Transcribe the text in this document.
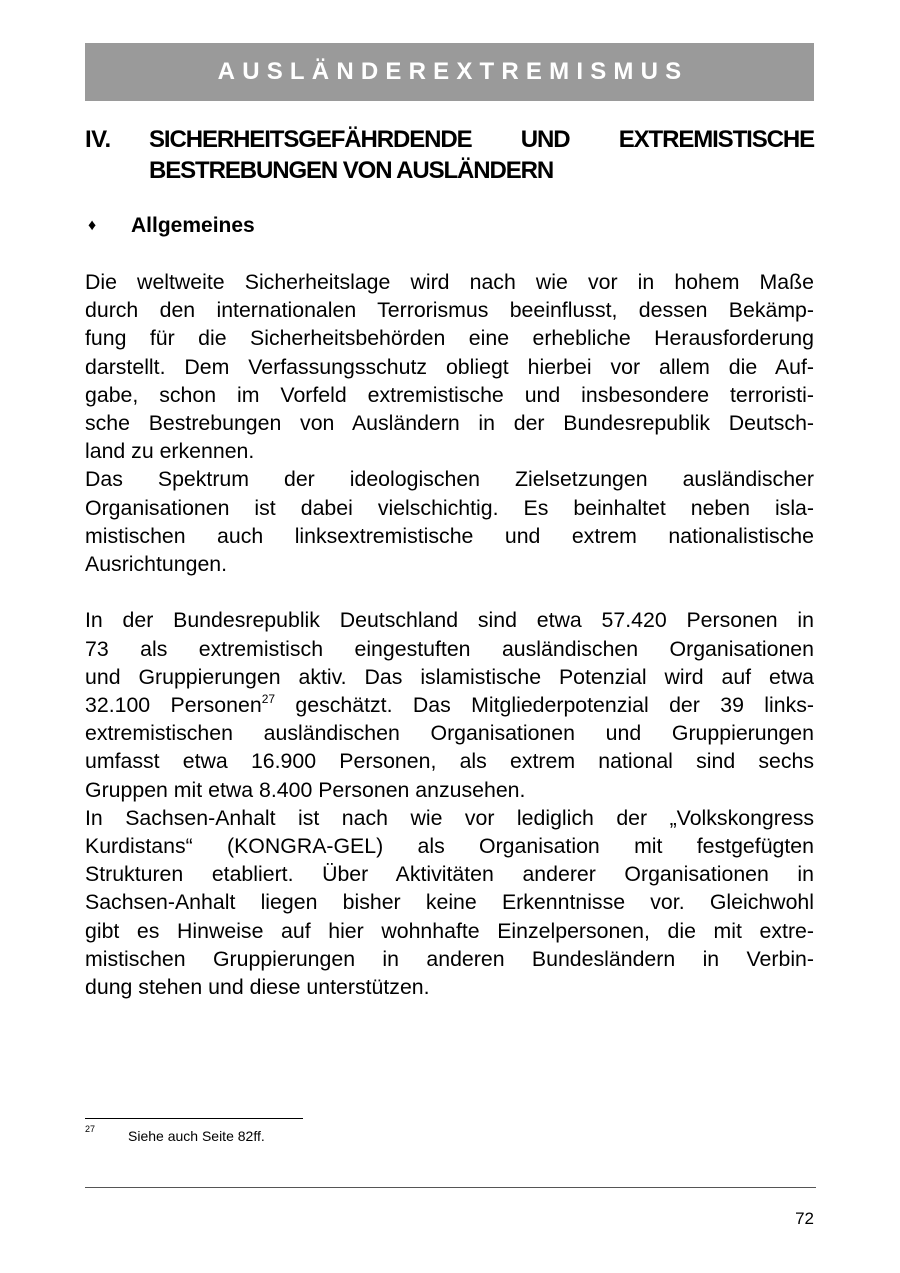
AUSLÄNDEREXTREMISMUS
IV. SICHERHEITSGEFÄHRDENDE UND EXTREMISTISCHE
BESTREBUNGEN VON AUSLÄNDERN
♦	Allgemeines

Die weltweite Sicherheitslage wird nach wie vor in hohem Maße
durch den internationalen Terrorismus beeinflusst, dessen Bekämp-
fung für die Sicherheitsbehörden eine erhebliche Herausforderung
darstellt. Dem Verfassungsschutz obliegt hierbei vor allem die Auf-
gabe, schon im Vorfeld extremistische und insbesondere terroristi-
sche Bestrebungen von Ausländern in der Bundesrepublik Deutsch-
land zu erkennen.

Das Spektrum der ideologischen Zielsetzungen ausländischer
Organisationen ist dabei vielschichtig. Es beinhaltet neben isla-
mistischen auch linksextremistische und extrem nationalistische
Ausrichtungen.

In der Bundesrepublik Deutschland sind etwa 57.420 Personen in
73 als extremistisch eingestuften ausländischen Organisationen
und Gruppierungen aktiv. Das islamistische Potenzial wird auf etwa
32.100 Personen$^{27}$ geschätzt. Das Mitgliederpotenzial der 39 links-
extremistischen ausländischen Organisationen und Gruppierungen
umfasst etwa 16.900 Personen, als extrem national sind sechs
Gruppen mit etwa 8.400 Personen anzusehen.

In Sachsen-Anhalt ist nach wie vor lediglich der „Volkskongress
Kurdistans“ (KONGRA-GEL) als Organisation mit festgefügten
Strukturen etabliert. Über Aktivitäten anderer Organisationen in
Sachsen-Anhalt liegen bisher keine Erkenntnisse vor. Gleichwohl
gibt es Hinweise auf hier wohnhafte Einzelpersonen, die mit extre-
mistischen Gruppierungen in anderen Bundesländern in Verbin-
dung stehen und diese unterstützen.

27 Siehe auch Seite 82ff.
72
